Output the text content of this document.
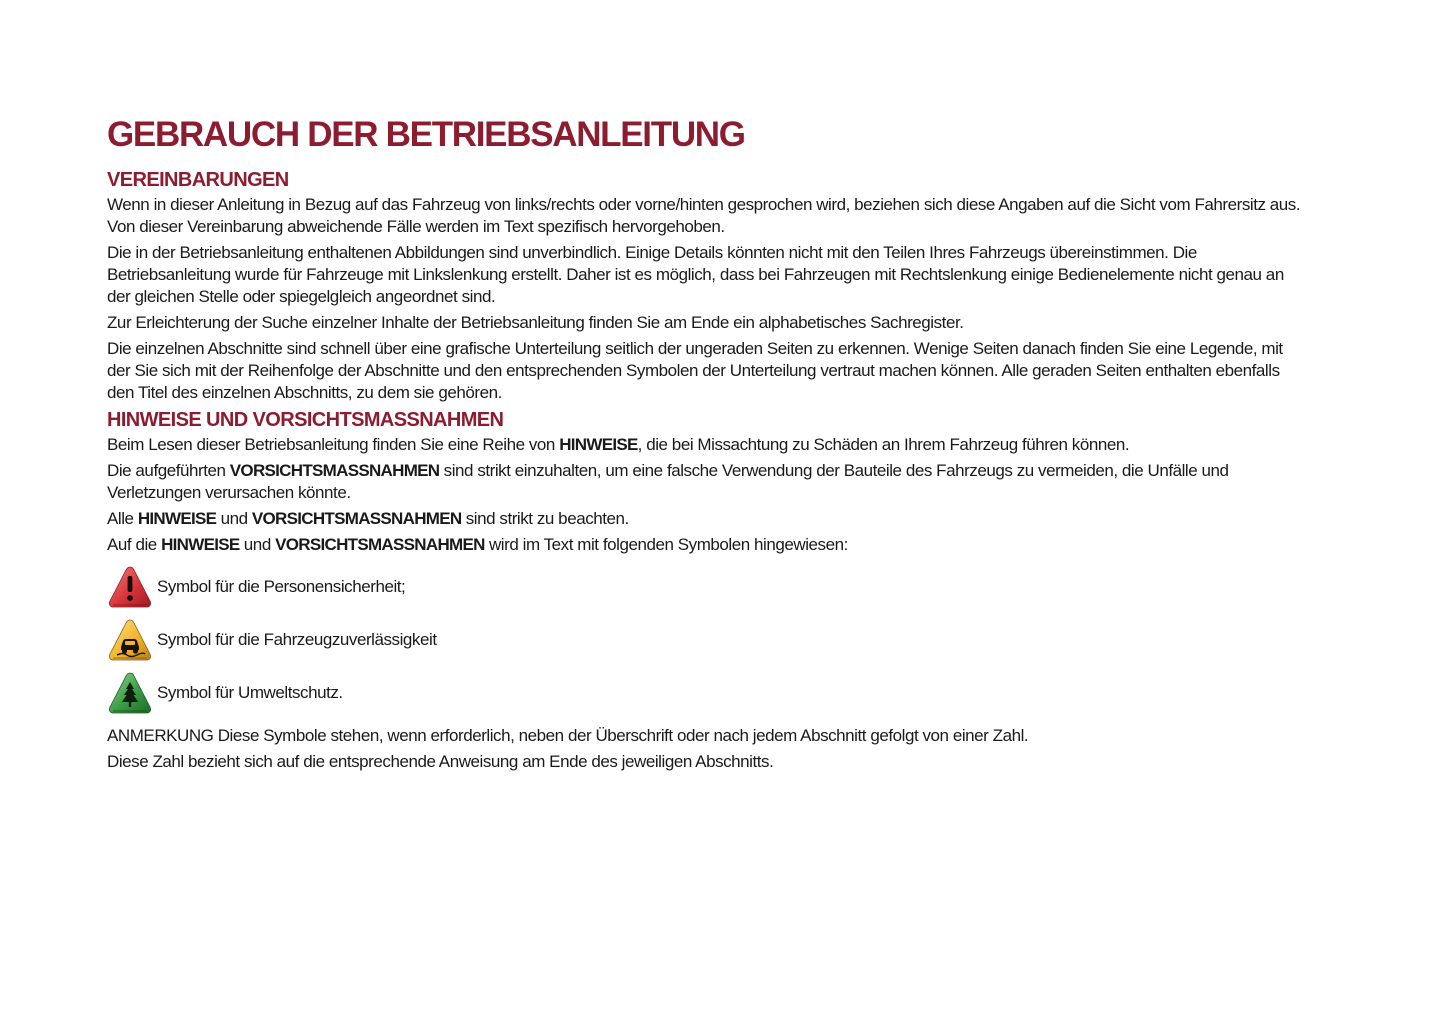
GEBRAUCH DER BETRIEBSANLEITUNG
VEREINBARUNGEN

Wenn in dieser Anleitung in Bezug auf das Fahrzeug von links/rechts oder vorne/hinten gesprochen wird, beziehen sich diese Angaben auf die Sicht vom Fahrersitz aus. Von dieser Vereinbarung abweichende Fälle werden im Text spezifisch hervorgehoben.

Die in der Betriebsanleitung enthaltenen Abbildungen sind unverbindlich. Einige Details könnten nicht mit den Teilen Ihres Fahrzeugs übereinstimmen. Die Betriebsanleitung wurde für Fahrzeuge mit Linkslenkung erstellt. Daher ist es möglich, dass bei Fahrzeugen mit Rechtslenkung einige Bedienelemente nicht genau an der gleichen Stelle oder spiegelgleich angeordnet sind.

Zur Erleichterung der Suche einzelner Inhalte der Betriebsanleitung finden Sie am Ende ein alphabetisches Sachregister.

Die einzelnen Abschnitte sind schnell über eine grafische Unterteilung seitlich der ungeraden Seiten zu erkennen. Wenige Seiten danach finden Sie eine Legende, mit der Sie sich mit der Reihenfolge der Abschnitte und den entsprechenden Symbolen der Unterteilung vertraut machen können. Alle geraden Seiten enthalten ebenfalls den Titel des einzelnen Abschnitts, zu dem sie gehören.

HINWEISE UND VORSICHTSMASSNAHMEN

Beim Lesen dieser Betriebsanleitung finden Sie eine Reihe von HINWEISE, die bei Missachtung zu Schäden an Ihrem Fahrzeug führen können.

Die aufgeführten VORSICHTSMASSNAHMEN sind strikt einzuhalten, um eine falsche Verwendung der Bauteile des Fahrzeugs zu vermeiden, die Unfälle und Verletzungen verursachen könnte.

Alle HINWEISE und VORSICHTSMASSNAHMEN sind strikt zu beachten.

Auf die HINWEISE und VORSICHTSMASSNAHMEN wird im Text mit folgenden Symbolen hingewiesen:

Symbol für die Personensicherheit;
Symbol für die Fahrzeugzuverlässigkeit
Symbol für Umweltschutz.

ANMERKUNG Diese Symbole stehen, wenn erforderlich, neben der Überschrift oder nach jedem Abschnitt gefolgt von einer Zahl.

Diese Zahl bezieht sich auf die entsprechende Anweisung am Ende des jeweiligen Abschnitts.
